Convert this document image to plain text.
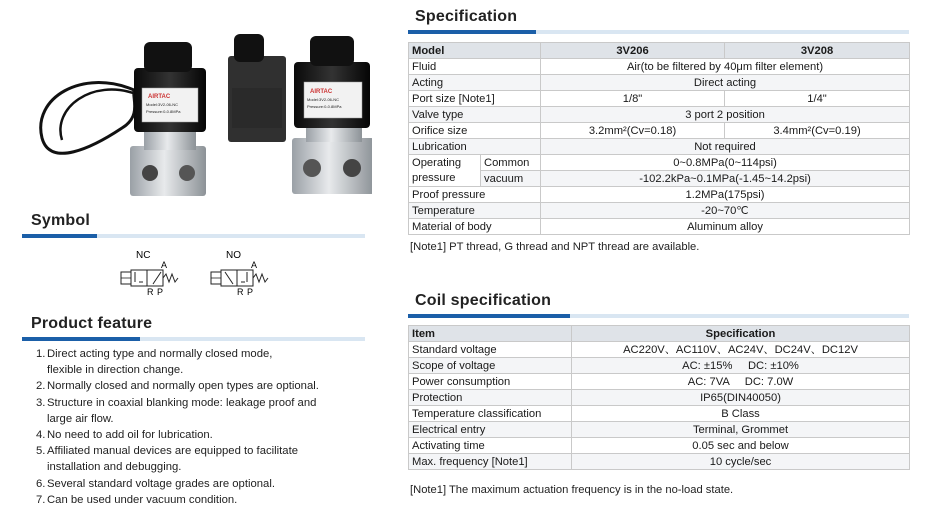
AIRTAC
Model:3V2-06-NC
Pressure:0-0.8MPa
AIRTAC
Model:3V2-06-NC
Pressure:0-0.8MPa
Symbol
NC
A
R P
NO
A
R P
Product feature
1. Direct acting type and normally closed mode,
flexible in direction change.
2. Normally closed and normally open types are optional.
3. Structure in coaxial blanking mode: leakage proof and
large air flow.
4. No need to add oil for lubrication.
5. Affiliated manual devices are equipped to facilitate
installation and debugging.
6. Several standard voltage grades are optional.
7. Can be used under vacuum condition.
Specification
Model		3V206	3V208
Fluid		Air(to be filtered by 40μm filter element)	
Acting		Direct acting	
Port size [Note1]		1/8"	1/4"
Valve type		3 port 2 position	
Orifice size		3.2mm²(Cv=0.18)	3.4mm²(Cv=0.19)
Lubrication		Not required	
Operating
pressure	Common	0~0.8MPa(0~114psi)	
	vacuum	-102.2kPa~0.1MPa(-1.45~14.2psi)	
Proof pressure		1.2MPa(175psi)	
Temperature		-20~70℃	
Material of body		Aluminum alloy	
[Note1] PT thread, G thread and NPT thread are available.
Coil specification
Item	Specification
Standard voltage	AC220V、AC110V、AC24V、DC24V、DC12V
Scope of voltage	AC: ±15%     DC: ±10%
Power consumption	AC: 7VA     DC: 7.0W
Protection	IP65(DIN40050)
Temperature classification	B Class
Electrical entry	Terminal, Grommet
Activating time	0.05 sec and below
Max. frequency [Note1]	10 cycle/sec
[Note1] The maximum actuation frequency is in the no-load state.
